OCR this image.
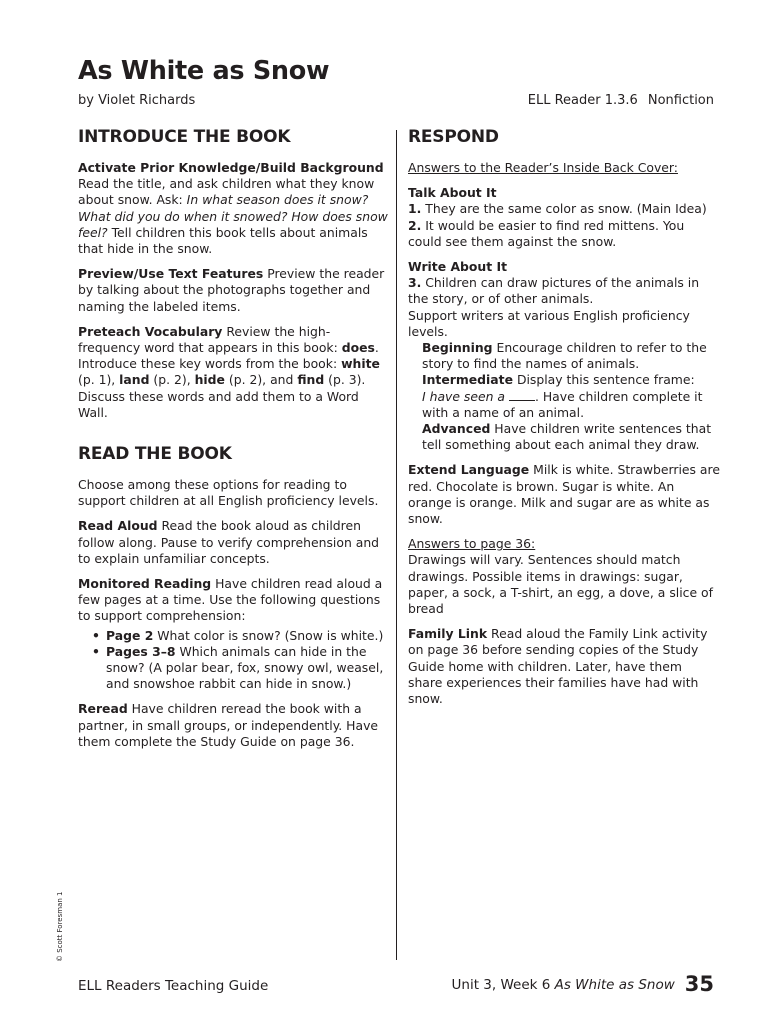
As White as Snow
by Violet Richards	ELL Reader 1.3.6 Nonfiction
INTRODUCE THE BOOK

Activate Prior Knowledge/Build Background Read the title, and ask children what they know about snow. Ask: In what season does it snow? What did you do when it snowed? How does snow feel? Tell children this book tells about animals that hide in the snow.

Preview/Use Text Features Preview the reader by talking about the photographs together and naming the labeled items.

Preteach Vocabulary Review the high-frequency word that appears in this book: does. Introduce these key words from the book: white (p. 1), land (p. 2), hide (p. 2), and find (p. 3). Discuss these words and add them to a Word Wall.

READ THE BOOK

Choose among these options for reading to support children at all English proficiency levels.

Read Aloud Read the book aloud as children follow along. Pause to verify comprehension and to explain unfamiliar concepts.

Monitored Reading Have children read aloud a few pages at a time. Use the following questions to support comprehension:

• Page 2 What color is snow? (Snow is white.)
• Pages 3–8 Which animals can hide in the snow? (A polar bear, fox, snowy owl, weasel, and snowshoe rabbit can hide in snow.)

Reread Have children reread the book with a partner, in small groups, or independently. Have them complete the Study Guide on page 36.

RESPOND

Answers to the Reader’s Inside Back Cover:

Talk About It
1. They are the same color as snow. (Main Idea)
2. It would be easier to find red mittens. You could see them against the snow.
Write About It
3. Children can draw pictures of the animals in the story, or of other animals.
Support writers at various English proficiency levels.
Beginning Encourage children to refer to the story to find the names of animals.
Intermediate Display this sentence frame:
I have seen a . Have children complete it with a name of an animal.
Advanced Have children write sentences that tell something about each animal they draw.

Extend Language Milk is white. Strawberries are red. Chocolate is brown. Sugar is white. An orange is orange. Milk and sugar are as white as snow.

Answers to page 36:
Drawings will vary. Sentences should match drawings. Possible items in drawings: sugar, paper, a sock, a T-shirt, an egg, a dove, a slice of bread

Family Link Read aloud the Family Link activity on page 36 before sending copies of the Study Guide home with children. Later, have them share experiences their families have had with snow.

© Scott Foresman 1
ELL Readers Teaching Guide	Unit 3, Week 6 As White as Snow 35
